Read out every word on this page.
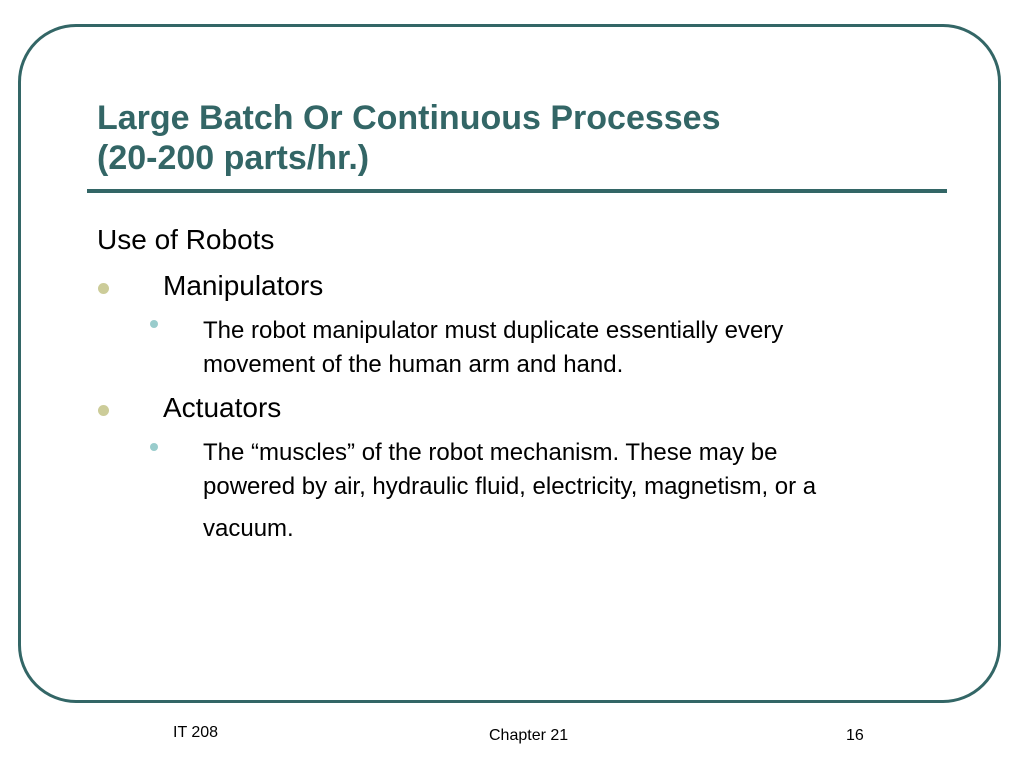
Large Batch Or Continuous Processes
(20-200 parts/hr.)
Use of Robots
Manipulators
The robot manipulator must duplicate essentially every
movement of the human arm and hand.
Actuators
The “muscles” of the robot mechanism. These may be
powered by air, hydraulic fluid, electricity, magnetism, or a
vacuum.
IT 208	Chapter 21	16
